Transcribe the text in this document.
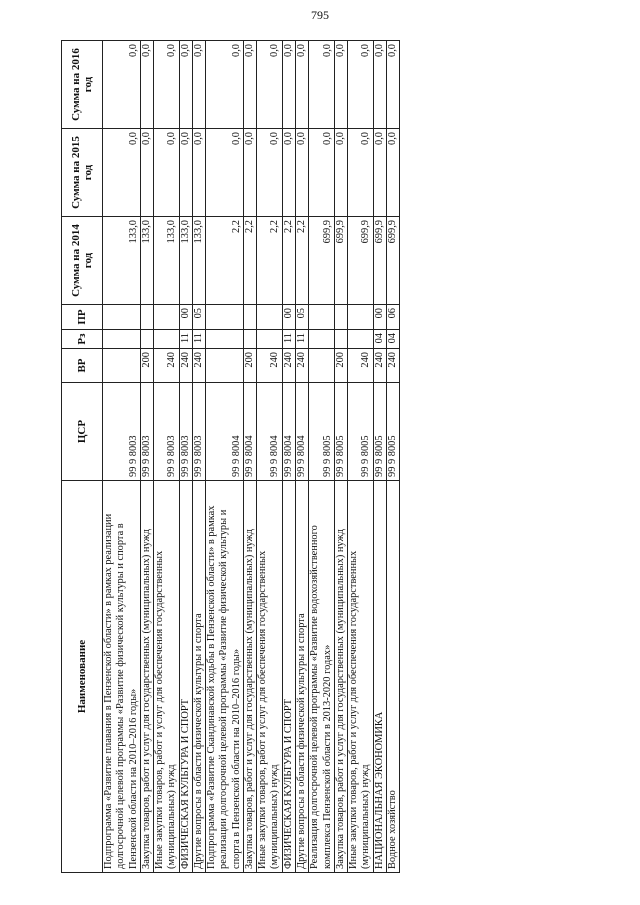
795
Наименование	ЦСР	ВР	Рз	ПР	Сумма на 2014 год	Сумма на 2015 год	Сумма на 2016 год
Подпрограмма «Развитие плавания в Пензенской области» в рамках реализации долгосрочной целевой программы «Развитие физической культуры и спорта в Пензенской области на 2010–2016 годы»	99 9 8003				133,0	0,0	0,0
Закупка товаров, работ и услуг для государственных (муниципальных) нужд	99 9 8003	200			133,0	0,0	0,0
Иные закупки товаров, работ и услуг для обеспечения государственных (муниципальных) нужд	99 9 8003	240			133,0	0,0	0,0
ФИЗИЧЕСКАЯ КУЛЬТУРА И СПОРТ	99 9 8003	240	11	00	133,0	0,0	0,0
Другие вопросы в области физической культуры и спорта	99 9 8003	240	11	05	133,0	0,0	0,0
Подпрограмма «Развитие Скандинавской ходьбы в Пензенской области» в рамках реализации долгосрочной целевой программы «Развитие физической культуры и спорта в Пензенской области на 2010–2016 годы»	99 9 8004				2,2	0,0	0,0
Закупка товаров, работ и услуг для государственных (муниципальных) нужд	99 9 8004	200			2,2	0,0	0,0
Иные закупки товаров, работ и услуг для обеспечения государственных (муниципальных) нужд	99 9 8004	240			2,2	0,0	0,0
ФИЗИЧЕСКАЯ КУЛЬТУРА И СПОРТ	99 9 8004	240	11	00	2,2	0,0	0,0
Другие вопросы в области физической культуры и спорта	99 9 8004	240	11	05	2,2	0,0	0,0
Реализация долгосрочной целевой программы «Развитие водохозяйственного комплекса Пензенской области в 2013-2020 годах»	99 9 8005				699,9	0,0	0,0
Закупка товаров, работ и услуг для государственных (муниципальных) нужд	99 9 8005	200			699,9	0,0	0,0
Иные закупки товаров, работ и услуг для обеспечения государственных (муниципальных) нужд	99 9 8005	240			699,9	0,0	0,0
НАЦИОНАЛЬНАЯ ЭКОНОМИКА	99 9 8005	240	04	00	699,9	0,0	0,0
Водное хозяйство	99 9 8005	240	04	06	699,9	0,0	0,0
